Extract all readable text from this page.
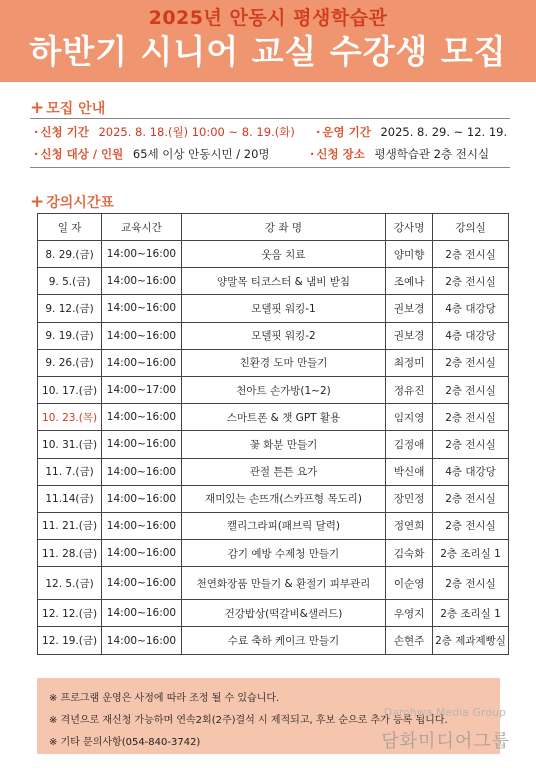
2025년 안동시 평생학습관
하반기 시니어 교실 수강생 모집
+ 모집 안내
· 신청 기간 2025. 8. 18.(월) 10:00 ~ 8. 19.(화) · 운영 기간 2025. 8. 29. ~ 12. 19.
· 신청 대상 / 인원 65세 이상 안동시민 / 20명	· 신청 장소 평생학습관 2층 전시실
+ 강의시간표
일 자	교육시간	강 좌 명	강사명	강의실
8. 29.(금)	14:00~16:00	웃음 치료	양미향	2층 전시실
9. 5.(금)	14:00~16:00	양말목 티코스터 & 냄비 받침	조예나	2층 전시실
9. 12.(금)	14:00~16:00	모델핏 워킹-1	권보경	4층 대강당
9. 19.(금)	14:00~16:00	모델핏 워킹-2	권보경	4층 대강당
9. 26.(금)	14:00~16:00	친환경 도마 만들기	최정미	2층 전시실
10. 17.(금)	14:00~17:00	천아트 손가방(1~2)	정유진	2층 전시실
10. 23.(목)	14:00~16:00	스마트폰 & 챗 GPT 활용	임지영	2층 전시실
10. 31.(금)	14:00~16:00	꽃 화분 만들기	김정애	2층 전시실
11. 7.(금)	14:00~16:00	관절 튼튼 요가	박신애	4층 대강당
11.14(금)	14:00~16:00	재미있는 손뜨개(스카프형 목도리)	장민정	2층 전시실
11. 21.(금)	14:00~16:00	캘리그라피(패브릭 달력)	정연희	2층 전시실
11. 28.(금)	14:00~16:00	감기 예방 수제청 만들기	김숙화	2층 조리실 1
12. 5.(금)	14:00~16:00	천연화장품 만들기 & 환절기 피부관리	이순영	2층 전시실
12. 12.(금)	14:00~16:00	건강밥상(떡갈비&샐러드)	우영지	2층 조리실 1
12. 19.(금)	14:00~16:00	수료 축하 케이크 만들기	손현주	2층 제과제빵실
※ 프로그램 운영은 사정에 따라 조정 될 수 있습니다.
※ 격년으로 재신청 가능하며 연속2회(2주)결석 시 제적되고, 후보 순으로 추가 등록 됩니다.
※ 기타 문의사항(054-840-3742)
Damhwa Media Group
담화미디어그룹
